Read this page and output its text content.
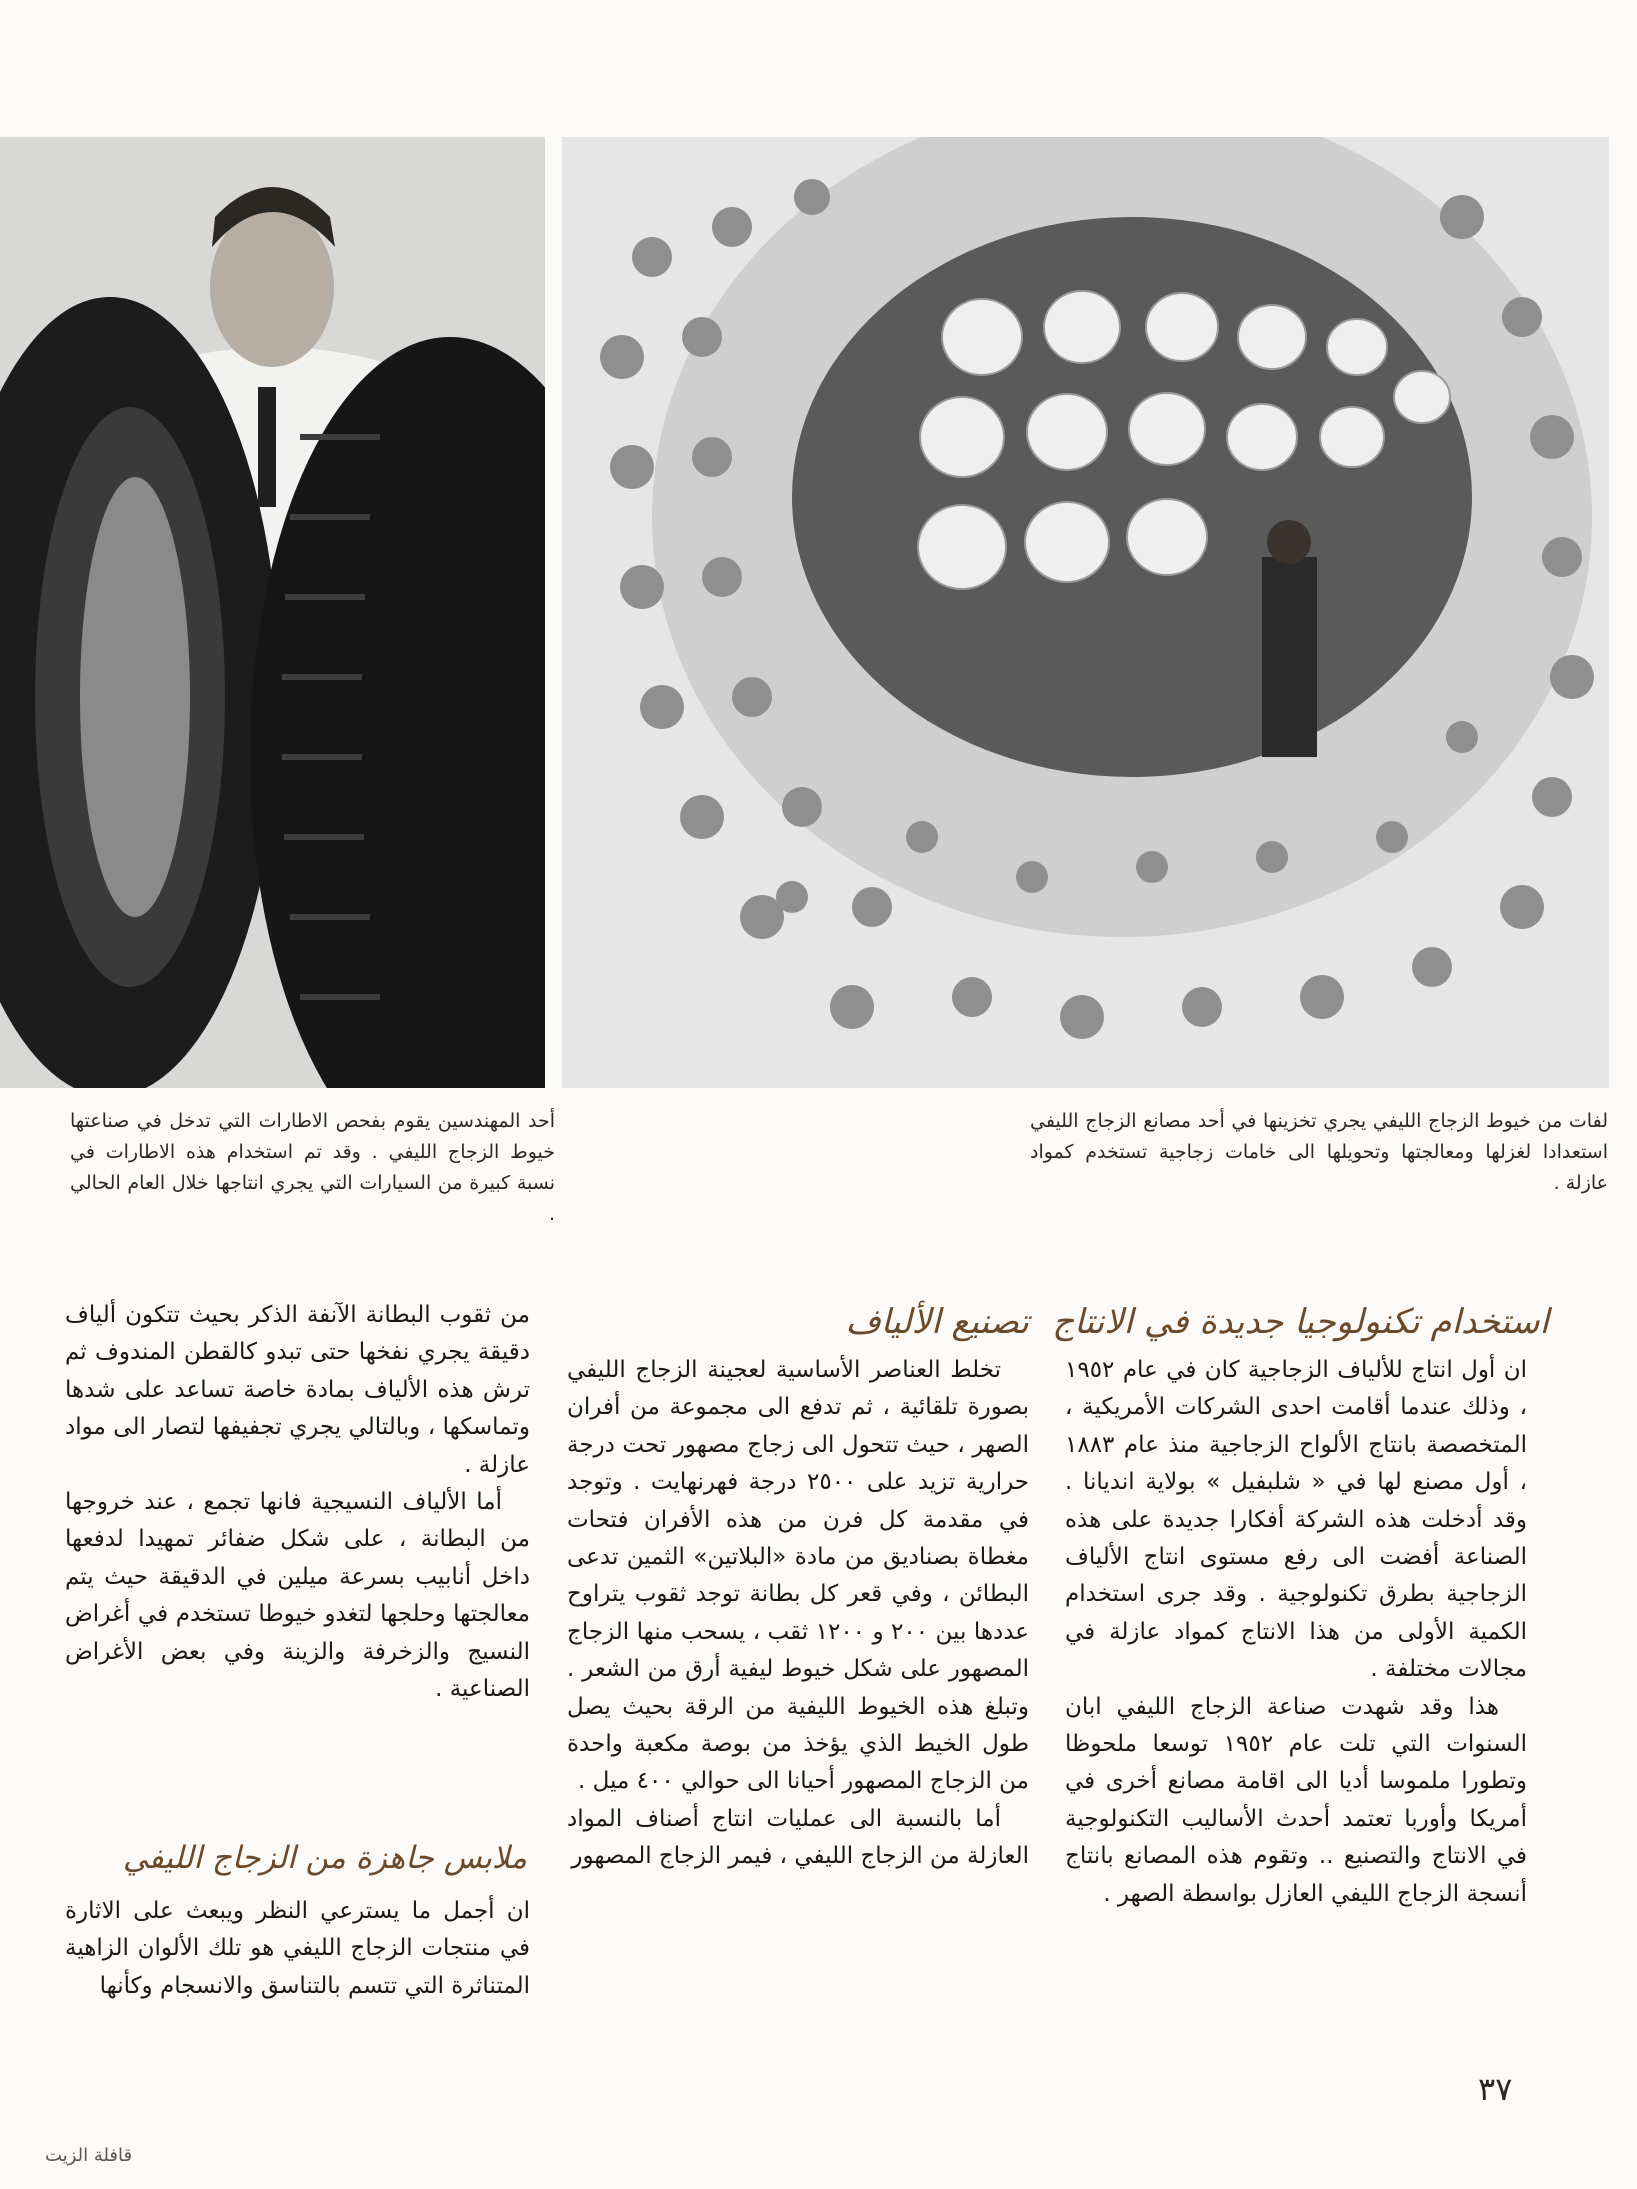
لفات من خيوط الزجاج الليفي يجري تخزينها في أحد مصانع الزجاج الليفي استعدادا لغزلها ومعالجتها وتحويلها الى خامات زجاجية تستخدم كمواد عازلة .
أحد المهندسين يقوم بفحص الاطارات التي تدخل في صناعتها خيوط الزجاج الليفي . وقد تم استخدام هذه الاطارات في نسبة كبيرة من السيارات التي يجري انتاجها خلال العام الحالي .
استخدام تكنولوجيا جديدة في الانتاج

ان أول انتاج للألياف الزجاجية كان في عام ١٩٥٢ ، وذلك عندما أقامت احدى الشركات الأمريكية ، المتخصصة بانتاج الألواح الزجاجية منذ عام ١٨٨٣ ، أول مصنع لها في « شلبفيل » بولاية انديانا . وقد أدخلت هذه الشركة أفكارا جديدة على هذه الصناعة أفضت الى رفع مستوى انتاج الألياف الزجاجية بطرق تكنولوجية . وقد جرى استخدام الكمية الأولى من هذا الانتاج كمواد عازلة في مجالات مختلفة .

هذا وقد شهدت صناعة الزجاج الليفي ابان السنوات التي تلت عام ١٩٥٢ توسعا ملحوظا وتطورا ملموسا أديا الى اقامة مصانع أخرى في أمريكا وأوربا تعتمد أحدث الأساليب التكنولوجية في الانتاج والتصنيع .. وتقوم هذه المصانع بانتاج أنسجة الزجاج الليفي العازل بواسطة الصهر .

تصنيع الألياف

تخلط العناصر الأساسية لعجينة الزجاج الليفي بصورة تلقائية ، ثم تدفع الى مجموعة من أفران الصهر ، حيث تتحول الى زجاج مصهور تحت درجة حرارية تزيد على ٢٥٠٠ درجة فهرنهايت . وتوجد في مقدمة كل فرن من هذه الأفران فتحات مغطاة بصناديق من مادة «البلاتين» الثمين تدعى البطائن ، وفي قعر كل بطانة توجد ثقوب يتراوح عددها بين ٢٠٠ و ١٢٠٠ ثقب ، يسحب منها الزجاج المصهور على شكل خيوط ليفية أرق من الشعر . وتبلغ هذه الخيوط الليفية من الرقة بحيث يصل طول الخيط الذي يؤخذ من بوصة مكعبة واحدة من الزجاج المصهور أحيانا الى حوالي ٤٠٠ ميل .

أما بالنسبة الى عمليات انتاج أصناف المواد العازلة من الزجاج الليفي ، فيمر الزجاج المصهور

من ثقوب البطانة الآنفة الذكر بحيث تتكون ألياف دقيقة يجري نفخها حتى تبدو كالقطن المندوف ثم ترش هذه الألياف بمادة خاصة تساعد على شدها وتماسكها ، وبالتالي يجري تجفيفها لتصار الى مواد عازلة .

أما الألياف النسيجية فانها تجمع ، عند خروجها من البطانة ، على شكل ضفائر تمهيدا لدفعها داخل أنابيب بسرعة ميلين في الدقيقة حيث يتم معالجتها وحلجها لتغدو خيوطا تستخدم في أغراض النسيج والزخرفة والزينة وفي بعض الأغراض الصناعية .

ملابس جاهزة من الزجاج الليفي

ان أجمل ما يسترعي النظر ويبعث على الاثارة في منتجات الزجاج الليفي هو تلك الألوان الزاهية المتناثرة التي تتسم بالتناسق والانسجام وكأنها

٣٧
قافلة الزيت
